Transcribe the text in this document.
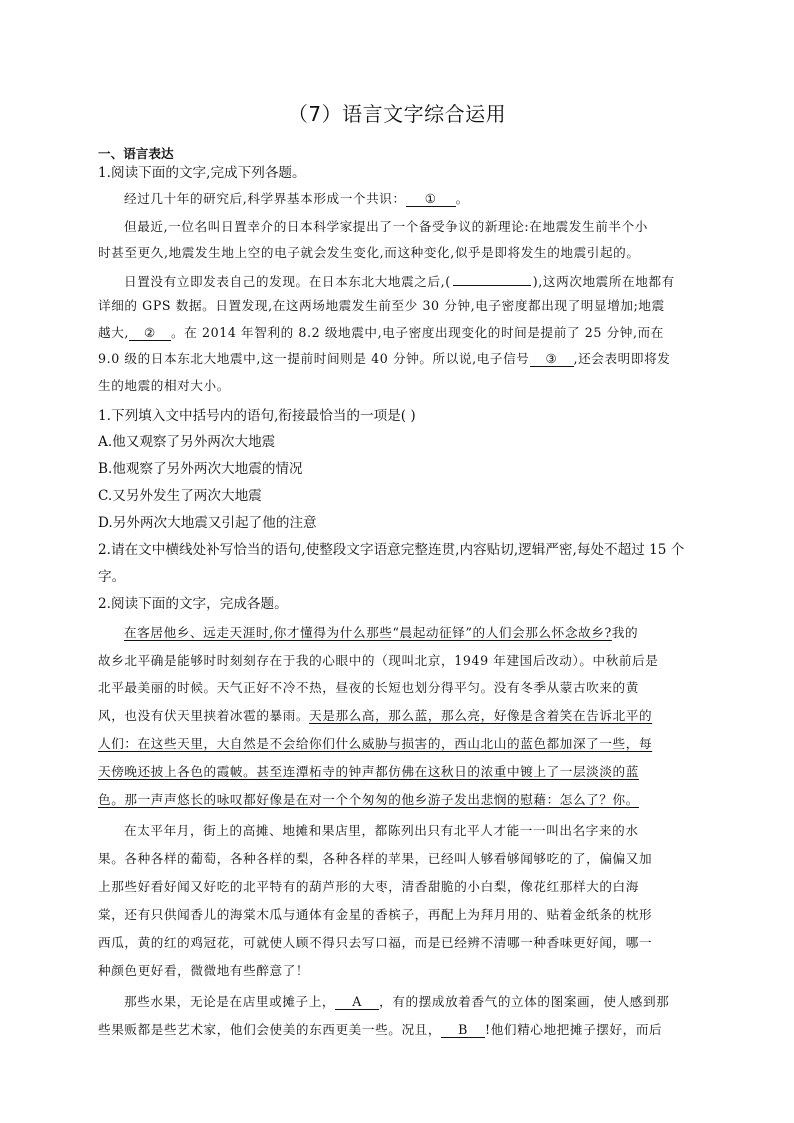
（7）语言文字综合运用
一、语言表达
1.阅读下面的文字,完成下列各题。
经过几十年的研究后,科学界基本形成一个共识： ① 。
但最近,一位名叫日置幸介的日本科学家提出了一个备受争议的新理论:在地震发生前半个小
时甚至更久,地震发生地上空的电子就会发生变化,而这种变化,似乎是即将发生的地震引起的。
日置没有立即发表自己的发现。在日本东北大地震之后,(	),这两次地震所在地都有
详细的 GPS 数据。日置发现,在这两场地震发生前至少 30 分钟,电子密度都出现了明显增加;地震
越大, ② 。在 2014 年智利的 8.2 级地震中,电子密度出现变化的时间是提前了 25 分钟,而在
9.0 级的日本东北大地震中,这一提前时间则是 40 分钟。所以说,电子信号 ③ ,还会表明即将发
生的地震的相对大小。
1.下列填入文中括号内的语句,衔接最恰当的一项是( )
A.他又观察了另外两次大地震
B.他观察了另外两次大地震的情况
C.又另外发生了两次大地震
D.另外两次大地震又引起了他的注意
2.请在文中横线处补写恰当的语句,使整段文字语意完整连贯,内容贴切,逻辑严密,每处不超过 15 个
字。
2.阅读下面的文字，完成各题。
在客居他乡、远走天涯时,你才懂得为什么那些“晨起动征铎”的人们会那么怀念故乡?我的
故乡北平确是能够时时刻刻存在于我的心眼中的（现叫北京，1949 年建国后改动）。中秋前后是
北平最美丽的时候。天气正好不冷不热，昼夜的长短也划分得平匀。没有冬季从蒙古吹来的黄
风，也没有伏天里挟着冰雹的暴雨。天是那么高，那么蓝，那么亮，好像是含着笑在告诉北平的
人们：在这些天里，大自然是不会给你们什么威胁与损害的，西山北山的蓝色都加深了一些，每
天傍晚还披上各色的霞帔。甚至连潭柘寺的钟声都仿佛在这秋日的浓重中镀上了一层淡淡的蓝
色。那一声声悠长的咏叹都好像是在对一个个匆匆的他乡游子发出悲悯的慰藉：怎么了？你。
在太平年月，街上的高摊、地摊和果店里，都陈列出只有北平人才能一一叫出名字来的水
果。各种各样的葡萄，各种各样的梨，各种各样的苹果，已经叫人够看够闻够吃的了，偏偏又加
上那些好看好闻又好吃的北平特有的葫芦形的大枣，清香甜脆的小白梨，像花红那样大的白海
棠，还有只供闻香儿的海棠木瓜与通体有金星的香槟子，再配上为拜月用的、贴着金纸条的枕形
西瓜，黄的红的鸡冠花，可就使人顾不得只去写口福，而是已经辨不清哪一种香味更好闻，哪一
种颜色更好看，微微地有些醉意了！
那些水果，无论是在店里或摊子上， A ，有的摆成放着香气的立体的图案画，使人感到那
些果贩都是些艺术家，他们会使美的东西更美一些。况且， B !他们精心地把摊子摆好，而后
